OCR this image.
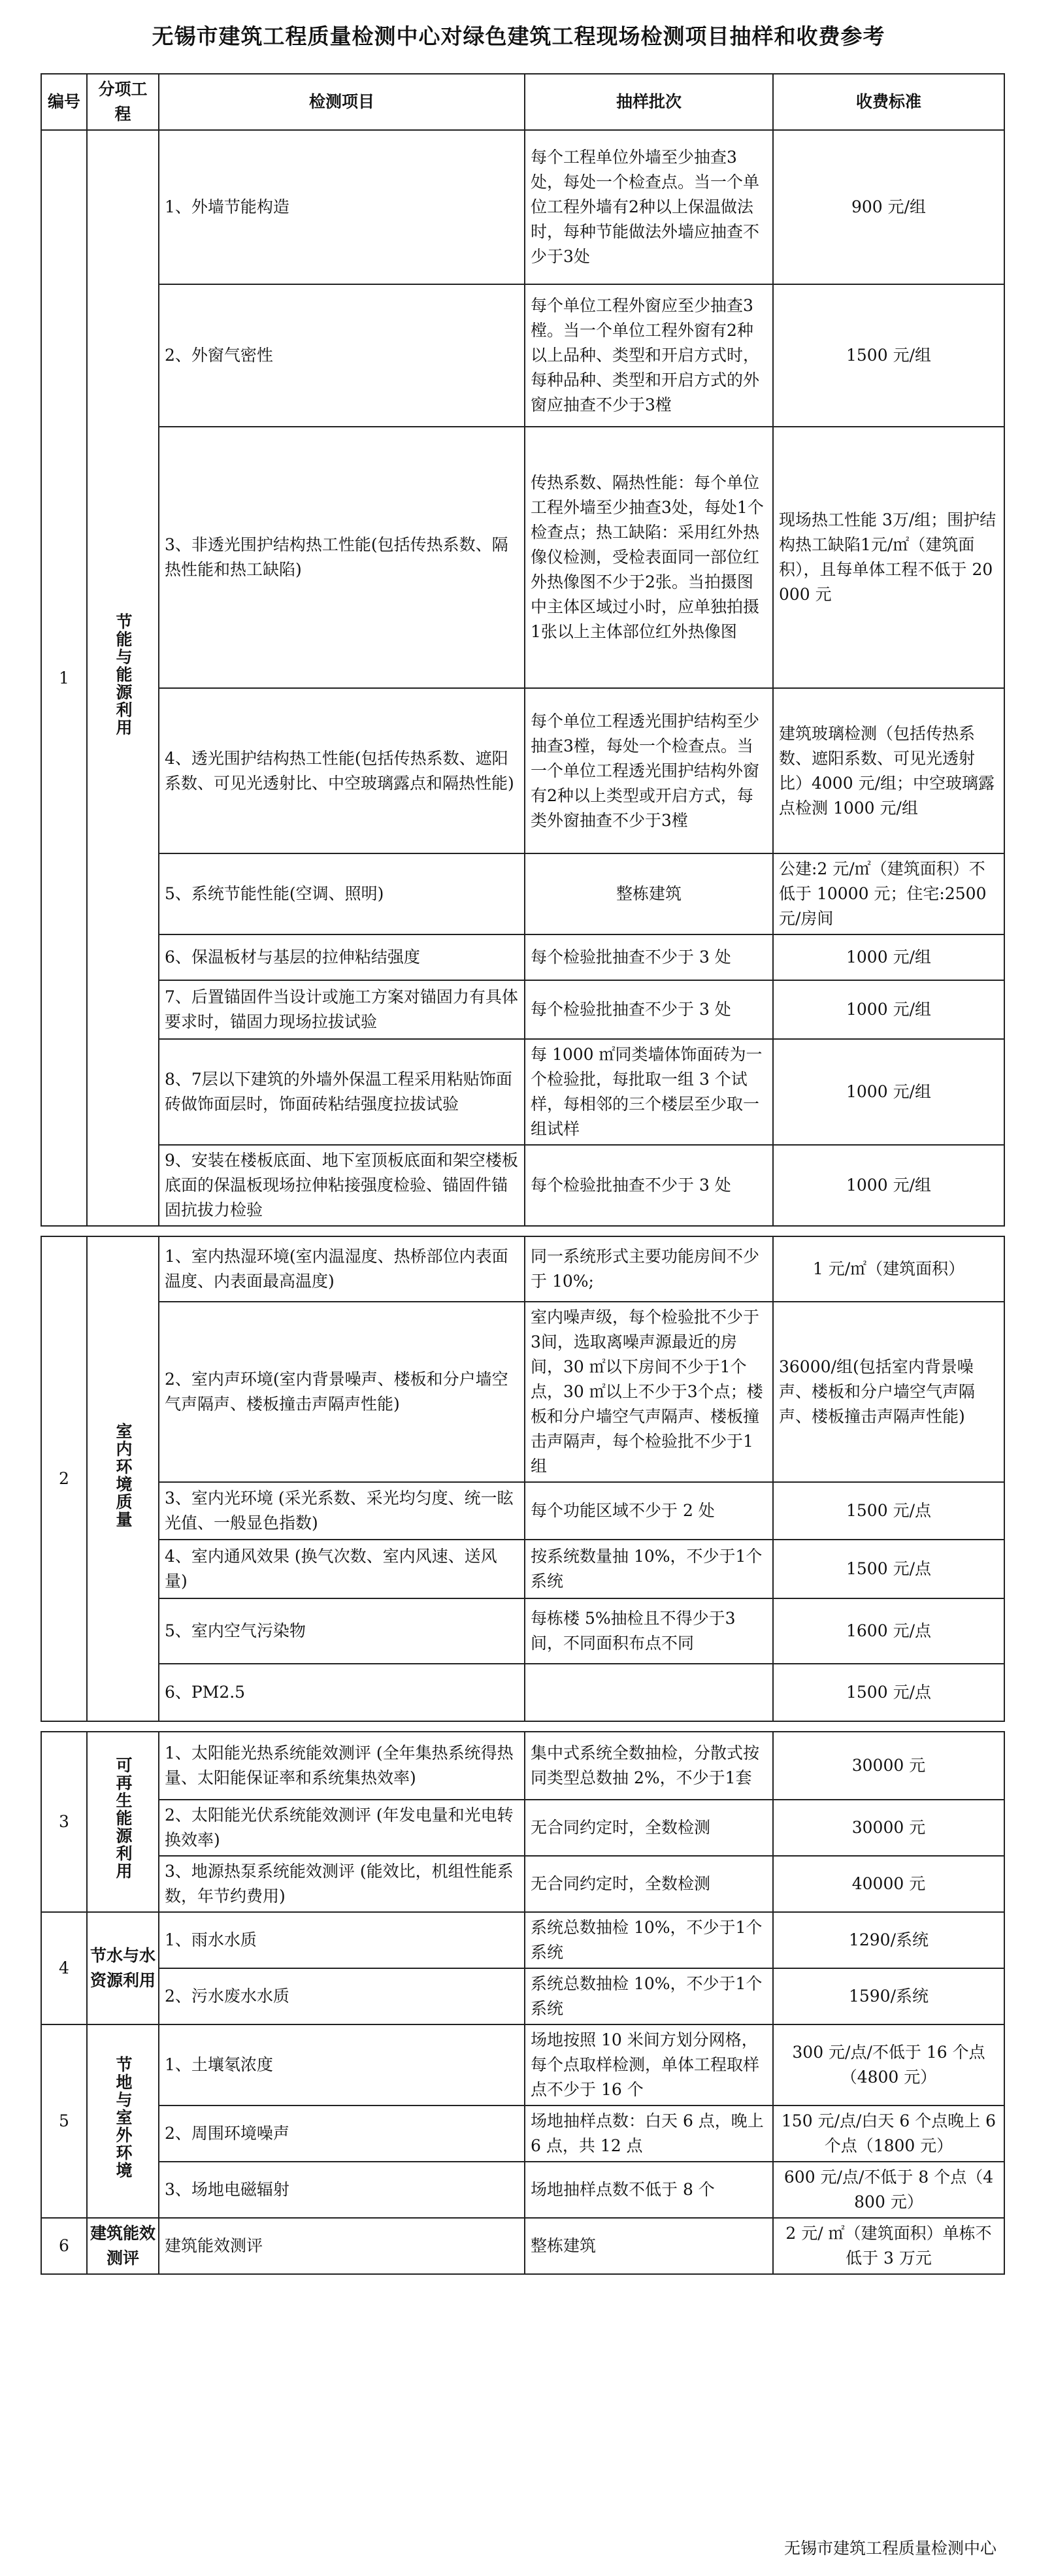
无锡市建筑工程质量检测中心对绿色建筑工程现场检测项目抽样和收费参考
编号	分项工程	检测项目	抽样批次	收费标准
1	节能与能源利用	1、外墙节能构造	每个工程单位外墙至少抽查3处，每处一个检查点。当一个单位工程外墙有2种以上保温做法时，每种节能做法外墙应抽查不少于3处	900 元/组
		2、外窗气密性	每个单位工程外窗应至少抽查3樘。当一个单位工程外窗有2种以上品种、类型和开启方式时，每种品种、类型和开启方式的外窗应抽查不少于3樘	1500 元/组
		3、非透光围护结构热工性能(包括传热系数、隔热性能和热工缺陷)	传热系数、隔热性能：每个单位工程外墙至少抽查3处，每处1个检查点；热工缺陷：采用红外热像仪检测，受检表面同一部位红外热像图不少于2张。当拍摄图中主体区域过小时，应单独拍摄1张以上主体部位红外热像图	现场热工性能 3万/组；围护结构热工缺陷1元/㎡（建筑面积），且每单体工程不低于 20000 元
		4、透光围护结构热工性能(包括传热系数、遮阳系数、可见光透射比、中空玻璃露点和隔热性能)	每个单位工程透光围护结构至少抽查3樘，每处一个检查点。当一个单位工程透光围护结构外窗有2种以上类型或开启方式，每类外窗抽查不少于3樘	建筑玻璃检测（包括传热系数、遮阳系数、可见光透射比）4000 元/组；中空玻璃露点检测 1000 元/组
		5、系统节能性能(空调、照明)	整栋建筑	公建:2 元/㎡（建筑面积）不低于 10000 元；住宅:2500 元/房间
		6、保温板材与基层的拉伸粘结强度	每个检验批抽查不少于 3 处	1000 元/组
		7、后置锚固件当设计或施工方案对锚固力有具体要求时，锚固力现场拉拔试验	每个检验批抽查不少于 3 处	1000 元/组
		8、7层以下建筑的外墙外保温工程采用粘贴饰面砖做饰面层时，饰面砖粘结强度拉拔试验	每 1000 ㎡同类墙体饰面砖为一个检验批，每批取一组 3 个试样，每相邻的三个楼层至少取一组试样	1000 元/组
		9、安装在楼板底面、地下室顶板底面和架空楼板底面的保温板现场拉伸粘接强度检验、锚固件锚固抗拔力检验	每个检验批抽查不少于 3 处	1000 元/组

2	室内环境质量	1、室内热湿环境(室内温湿度、热桥部位内表面温度、内表面最高温度)	同一系统形式主要功能房间不少于 10%;	1 元/㎡（建筑面积）
		2、室内声环境(室内背景噪声、楼板和分户墙空气声隔声、楼板撞击声隔声性能)	室内噪声级，每个检验批不少于3间，选取离噪声源最近的房间，30 ㎡以下房间不少于1个点，30 ㎡以上不少于3个点；楼板和分户墙空气声隔声、楼板撞击声隔声，每个检验批不少于1组	36000/组(包括室内背景噪声、楼板和分户墙空气声隔声、楼板撞击声隔声性能)
		3、室内光环境 (采光系数、采光均匀度、统一眩光值、一般显色指数)	每个功能区域不少于 2 处	1500 元/点
		4、室内通风效果 (换气次数、室内风速、送风量)	按系统数量抽 10%，不少于1个系统	1500 元/点
		5、室内空气污染物	每栋楼 5%抽检且不得少于3间，不同面积布点不同	1600 元/点
		6、PM2.5		1500 元/点

3	可再生能源利用	1、太阳能光热系统能效测评 (全年集热系统得热量、太阳能保证率和系统集热效率)	集中式系统全数抽检，分散式按同类型总数抽 2%，不少于1套	30000 元
		2、太阳能光伏系统能效测评 (年发电量和光电转换效率)	无合同约定时，全数检测	30000 元
		3、地源热泵系统能效测评 (能效比，机组性能系数，年节约费用)	无合同约定时，全数检测	40000 元
4	节水与水资源利用	1、雨水水质	系统总数抽检 10%，不少于1个系统	1290/系统
		2、污水废水水质	系统总数抽检 10%，不少于1个系统	1590/系统
5	节地与室外环境	1、土壤氡浓度	场地按照 10 米间方划分网格，每个点取样检测，单体工程取样点不少于 16 个	300 元/点/不低于 16 个点（4800 元）
		2、周围环境噪声	场地抽样点数：白天 6 点，晚上 6 点，共 12 点	150 元/点/白天 6 个点晚上 6 个点（1800 元）
		3、场地电磁辐射	场地抽样点数不低于 8 个	600 元/点/不低于 8 个点（4800 元）
6	建筑能效测评	建筑能效测评	整栋建筑	2 元/ ㎡（建筑面积）单栋不低于 3 万元
无锡市建筑工程质量检测中心
